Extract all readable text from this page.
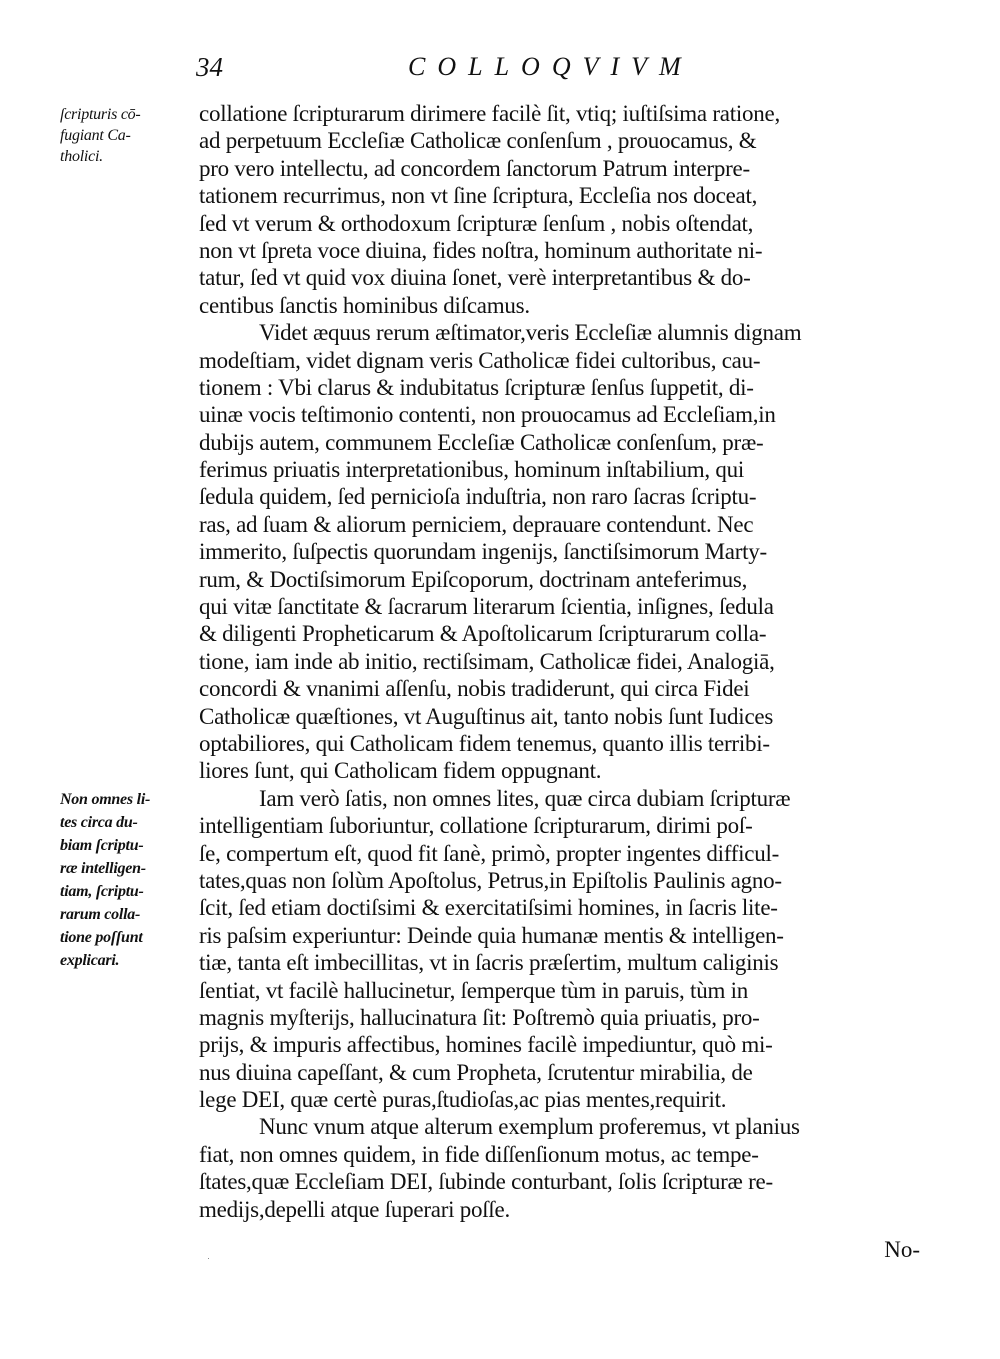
34	COLLOQVIVM
ſcripturis cō-
fugiant Ca-
tholici.
Non omnes li-
tes circa du-
biam ſcriptu-
ræ intelligen-
tiam, ſcriptu-
rarum colla-
tione poſſunt
explicari.
collatione ſcripturarum dirimere facilè ſit, vtiq; iuſtiſsima ratione,
ad perpetuum Eccleſiæ Catholicæ conſenſum , prouocamus, &
pro vero intellectu, ad concordem ſanctorum Patrum interpre-
tationem recurrimus, non vt ſine ſcriptura, Eccleſia nos doceat,
ſed vt verum & orthodoxum ſcripturæ ſenſum , nobis oſtendat,
non vt ſpreta voce diuina, fides noſtra, hominum authoritate ni-
tatur, ſed vt quid vox diuina ſonet, verè interpretantibus & do-
centibus ſanctis hominibus diſcamus.
Videt æquus rerum æſtimator,veris Eccleſiæ alumnis dignam
modeſtiam, videt dignam veris Catholicæ fidei cultoribus, cau-
tionem : Vbi clarus & indubitatus ſcripturæ ſenſus ſuppetit, di-
uinæ vocis teſtimonio contenti, non prouocamus ad Eccleſiam,in
dubijs autem, communem Eccleſiæ Catholicæ conſenſum, præ-
ferimus priuatis interpretationibus, hominum inſtabilium, qui
ſedula quidem, ſed pernicioſa induſtria, non raro ſacras ſcriptu-
ras, ad ſuam & aliorum perniciem, deprauare contendunt. Nec
immerito, ſuſpectis quorundam ingenijs, ſanctiſsimorum Marty-
rum, & Doctiſsimorum Epiſcoporum, doctrinam anteferimus,
qui vitæ ſanctitate & ſacrarum literarum ſcientia, inſignes, ſedula
& diligenti Propheticarum & Apoſtolicarum ſcripturarum colla-
tione, iam inde ab initio, rectiſsimam, Catholicæ fidei, Analogiā,
concordi & vnanimi aſſenſu, nobis tradiderunt, qui circa Fidei
Catholicæ quæſtiones, vt Auguſtinus ait, tanto nobis ſunt Iudices
optabiliores, qui Catholicam fidem tenemus, quanto illis terribi-
liores ſunt, qui Catholicam fidem oppugnant.
Iam verò ſatis, non omnes lites, quæ circa dubiam ſcripturæ
intelligentiam ſuboriuntur, collatione ſcripturarum, dirimi poſ-
ſe, compertum eſt, quod fit ſanè, primò, propter ingentes difficul-
tates,quas non ſolùm Apoſtolus, Petrus,in Epiſtolis Paulinis agno-
ſcit, ſed etiam doctiſsimi & exercitatiſsimi homines, in ſacris lite-
ris paſsim experiuntur: Deinde quia humanæ mentis & intelligen-
tiæ, tanta eſt imbecillitas, vt in ſacris præſertim, multum caliginis
ſentiat, vt facilè hallucinetur, ſemperque tùm in paruis, tùm in
magnis myſterijs, hallucinatura ſit: Poſtremò quia priuatis, pro-
prijs, & impuris affectibus, homines facilè impediuntur, quò mi-
nus diuina capeſſant, & cum Propheta, ſcrutentur mirabilia, de
lege DEI, quæ certè puras,ſtudioſas,ac pias mentes,requirit.
Nunc vnum atque alterum exemplum proferemus, vt planius
fiat, non omnes quidem, in fide diſſenſionum motus, ac tempe-
ſtates,quæ Eccleſiam DEI, ſubinde conturbant, ſolis ſcripturæ re-
medijs,depelli atque ſuperari poſſe.
No-
